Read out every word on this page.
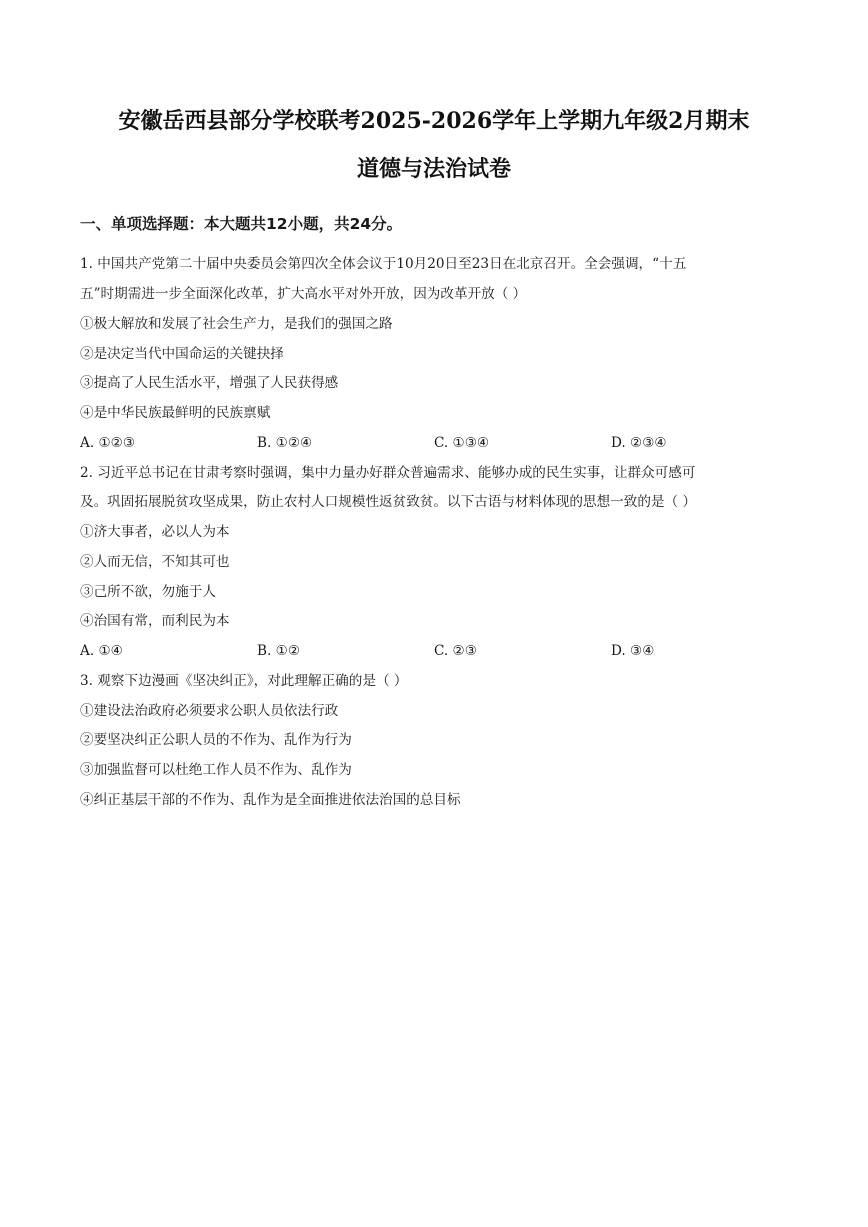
安徽岳西县部分学校联考2025-2026学年上学期九年级2月期末
道德与法治试卷
一、单项选择题：本大题共12小题，共24分。
1. 中国共产党第二十届中央委员会第四次全体会议于10月20日至23日在北京召开。全会强调，“十五
五”时期需进一步全面深化改革，扩大高水平对外开放，因为改革开放（ ）
①极大解放和发展了社会生产力，是我们的强国之路
②是决定当代中国命运的关键抉择
③提高了人民生活水平，增强了人民获得感
④是中华民族最鲜明的民族禀赋
A. ①②③	B. ①②④	C. ①③④	D. ②③④
2. 习近平总书记在甘肃考察时强调，集中力量办好群众普遍需求、能够办成的民生实事，让群众可感可
及。巩固拓展脱贫攻坚成果，防止农村人口规模性返贫致贫。以下古语与材料体现的思想一致的是（ ）
①济大事者，必以人为本
②人而无信，不知其可也
③己所不欲，勿施于人
④治国有常，而利民为本
A. ①④	B. ①②	C. ②③	D. ③④
3. 观察下边漫画《坚决纠正》，对此理解正确的是（ ）
①建设法治政府必须要求公职人员依法行政
②要坚决纠正公职人员的不作为、乱作为行为
③加强监督可以杜绝工作人员不作为、乱作为
④纠正基层干部的不作为、乱作为是全面推进依法治国的总目标
